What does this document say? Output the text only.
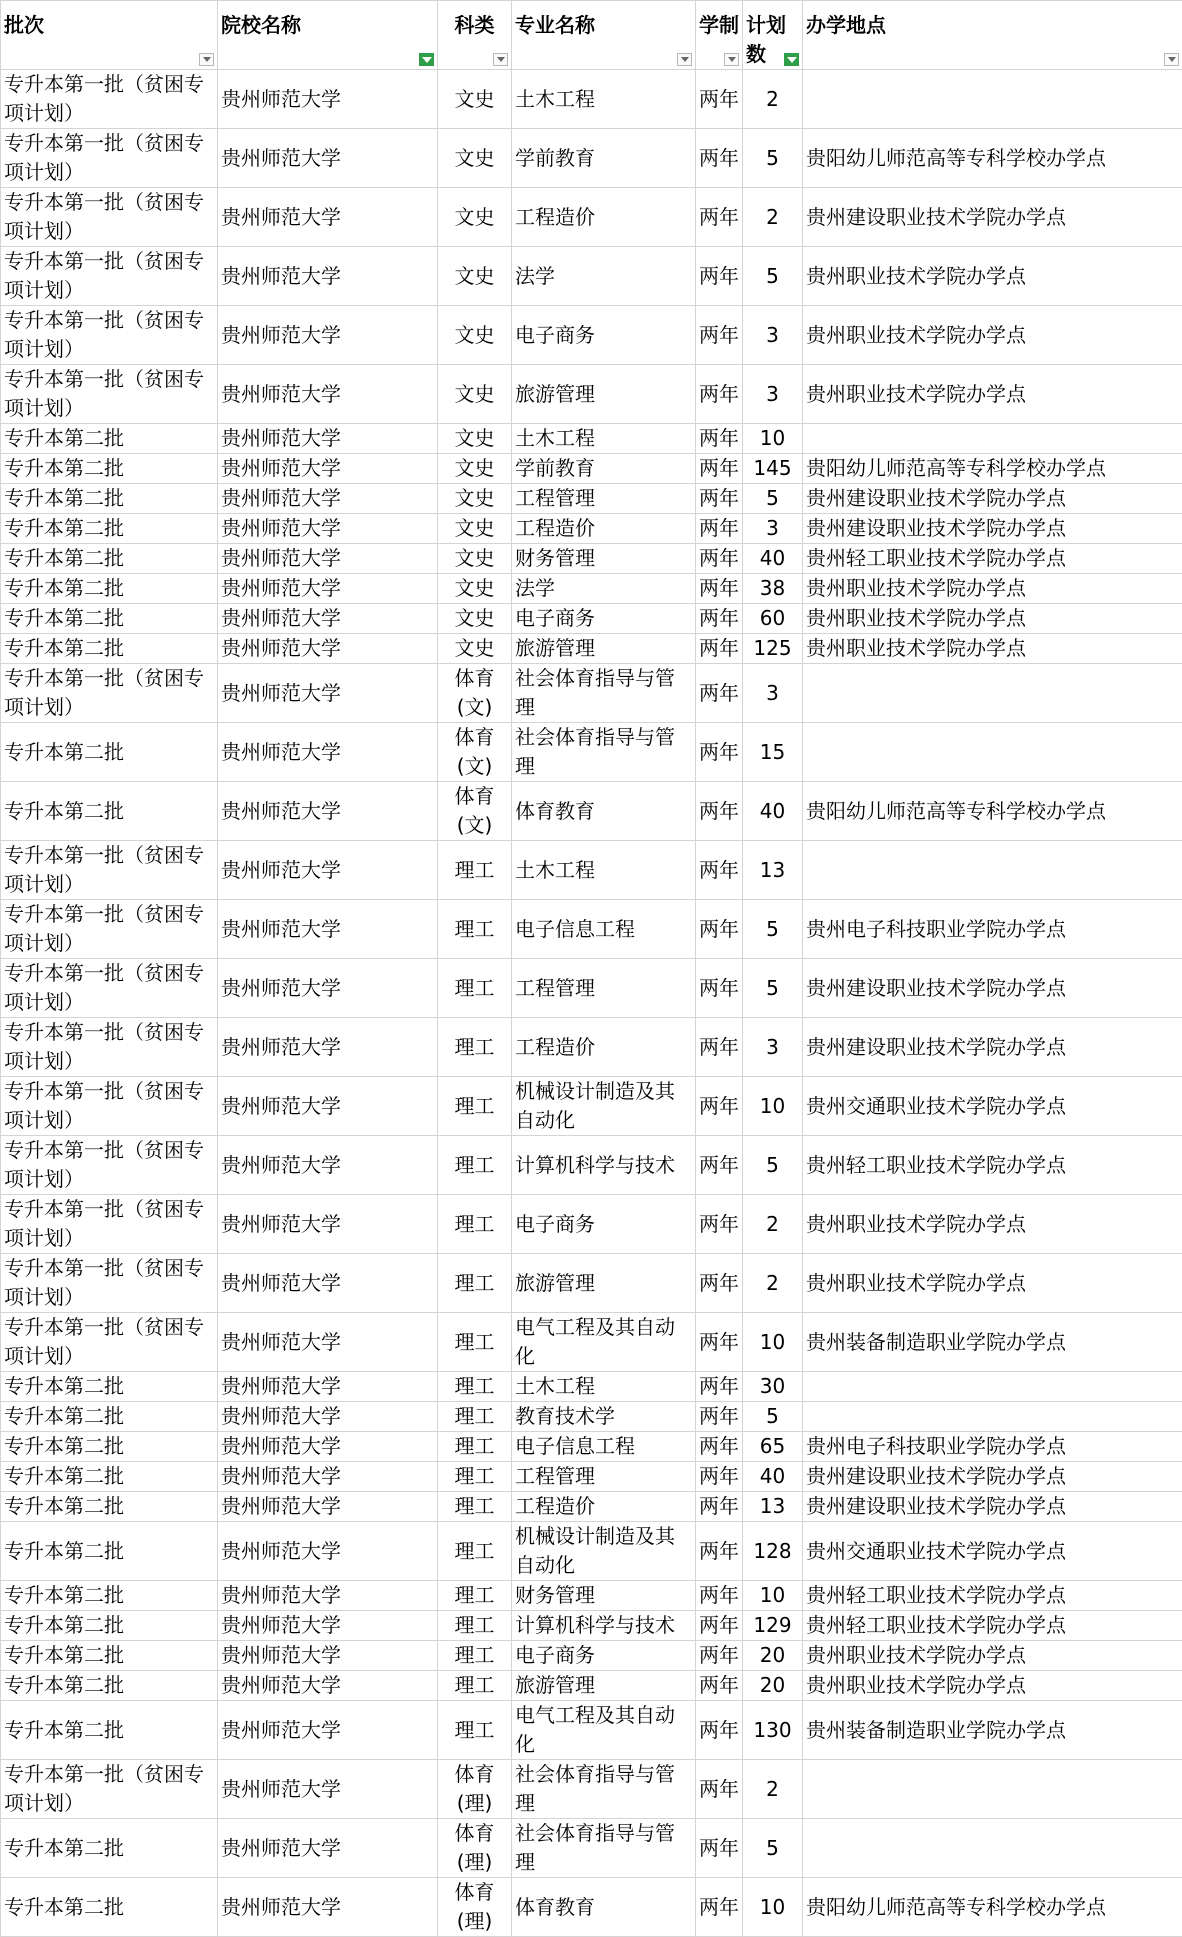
批次	院校名称	科类	专业名称	学制	计划数	办学地点

专升本第一批（贫困专项计划）	贵州师范大学	文史	土木工程	两年	2	
专升本第一批（贫困专项计划）	贵州师范大学	文史	学前教育	两年	5	贵阳幼儿师范高等专科学校办学点
专升本第一批（贫困专项计划）	贵州师范大学	文史	工程造价	两年	2	贵州建设职业技术学院办学点
专升本第一批（贫困专项计划）	贵州师范大学	文史	法学	两年	5	贵州职业技术学院办学点
专升本第一批（贫困专项计划）	贵州师范大学	文史	电子商务	两年	3	贵州职业技术学院办学点
专升本第一批（贫困专项计划）	贵州师范大学	文史	旅游管理	两年	3	贵州职业技术学院办学点
专升本第二批	贵州师范大学	文史	土木工程	两年	10	
专升本第二批	贵州师范大学	文史	学前教育	两年	145	贵阳幼儿师范高等专科学校办学点
专升本第二批	贵州师范大学	文史	工程管理	两年	5	贵州建设职业技术学院办学点
专升本第二批	贵州师范大学	文史	工程造价	两年	3	贵州建设职业技术学院办学点
专升本第二批	贵州师范大学	文史	财务管理	两年	40	贵州轻工职业技术学院办学点
专升本第二批	贵州师范大学	文史	法学	两年	38	贵州职业技术学院办学点
专升本第二批	贵州师范大学	文史	电子商务	两年	60	贵州职业技术学院办学点
专升本第二批	贵州师范大学	文史	旅游管理	两年	125	贵州职业技术学院办学点
专升本第一批（贫困专项计划）	贵州师范大学	体育(文)	社会体育指导与管理	两年	3	
专升本第二批	贵州师范大学	体育(文)	社会体育指导与管理	两年	15	
专升本第二批	贵州师范大学	体育(文)	体育教育	两年	40	贵阳幼儿师范高等专科学校办学点
专升本第一批（贫困专项计划）	贵州师范大学	理工	土木工程	两年	13	
专升本第一批（贫困专项计划）	贵州师范大学	理工	电子信息工程	两年	5	贵州电子科技职业学院办学点
专升本第一批（贫困专项计划）	贵州师范大学	理工	工程管理	两年	5	贵州建设职业技术学院办学点
专升本第一批（贫困专项计划）	贵州师范大学	理工	工程造价	两年	3	贵州建设职业技术学院办学点
专升本第一批（贫困专项计划）	贵州师范大学	理工	机械设计制造及其自动化	两年	10	贵州交通职业技术学院办学点
专升本第一批（贫困专项计划）	贵州师范大学	理工	计算机科学与技术	两年	5	贵州轻工职业技术学院办学点
专升本第一批（贫困专项计划）	贵州师范大学	理工	电子商务	两年	2	贵州职业技术学院办学点
专升本第一批（贫困专项计划）	贵州师范大学	理工	旅游管理	两年	2	贵州职业技术学院办学点
专升本第一批（贫困专项计划）	贵州师范大学	理工	电气工程及其自动化	两年	10	贵州装备制造职业学院办学点
专升本第二批	贵州师范大学	理工	土木工程	两年	30	
专升本第二批	贵州师范大学	理工	教育技术学	两年	5	
专升本第二批	贵州师范大学	理工	电子信息工程	两年	65	贵州电子科技职业学院办学点
专升本第二批	贵州师范大学	理工	工程管理	两年	40	贵州建设职业技术学院办学点
专升本第二批	贵州师范大学	理工	工程造价	两年	13	贵州建设职业技术学院办学点
专升本第二批	贵州师范大学	理工	机械设计制造及其自动化	两年	128	贵州交通职业技术学院办学点
专升本第二批	贵州师范大学	理工	财务管理	两年	10	贵州轻工职业技术学院办学点
专升本第二批	贵州师范大学	理工	计算机科学与技术	两年	129	贵州轻工职业技术学院办学点
专升本第二批	贵州师范大学	理工	电子商务	两年	20	贵州职业技术学院办学点
专升本第二批	贵州师范大学	理工	旅游管理	两年	20	贵州职业技术学院办学点
专升本第二批	贵州师范大学	理工	电气工程及其自动化	两年	130	贵州装备制造职业学院办学点
专升本第一批（贫困专项计划）	贵州师范大学	体育(理)	社会体育指导与管理	两年	2	
专升本第二批	贵州师范大学	体育(理)	社会体育指导与管理	两年	5	
专升本第二批	贵州师范大学	体育(理)	体育教育	两年	10	贵阳幼儿师范高等专科学校办学点
